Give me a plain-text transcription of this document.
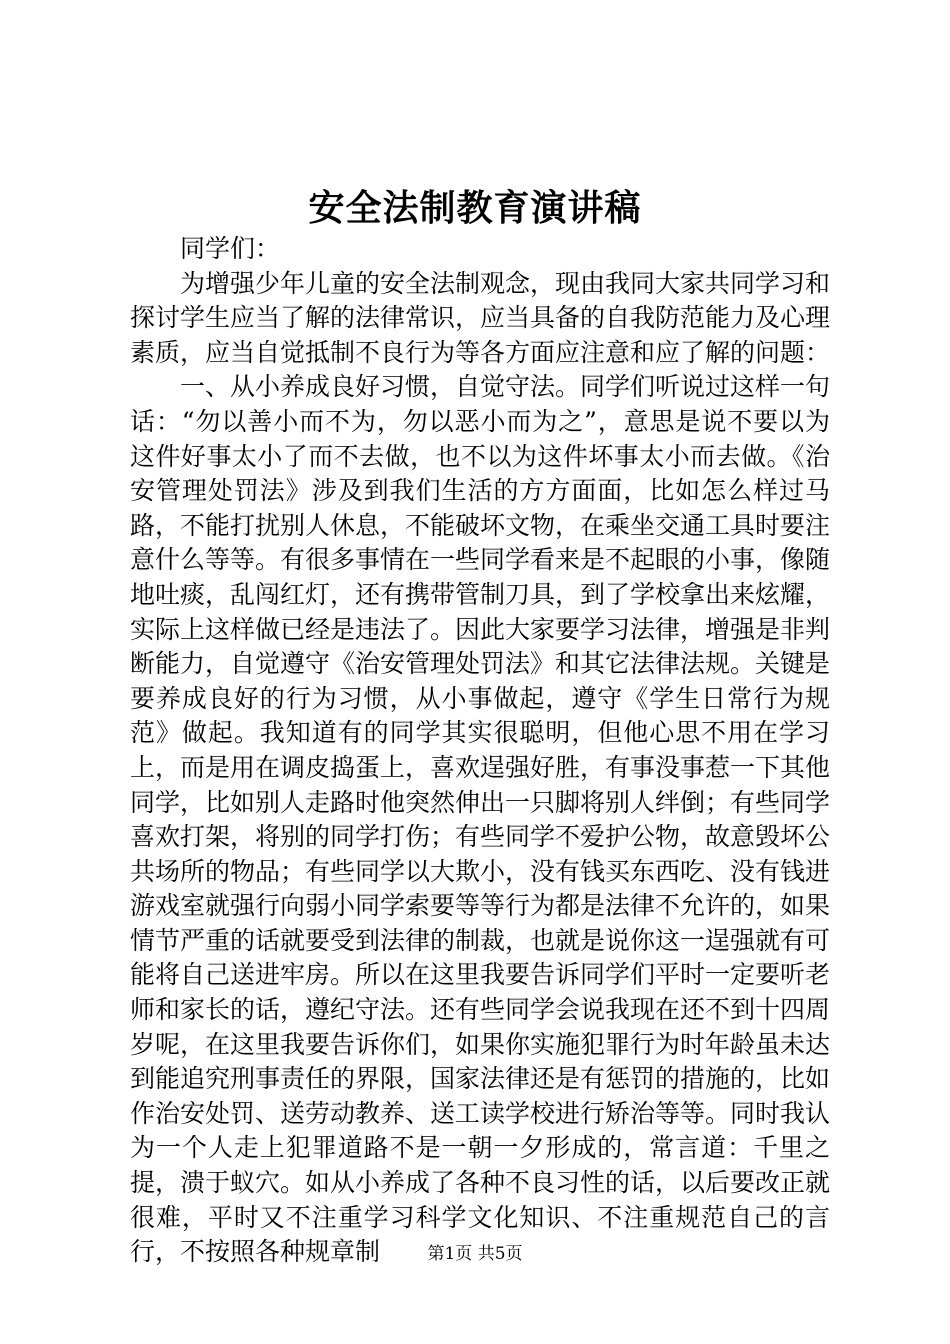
安全法制教育演讲稿

同学们：

为增强少年儿童的安全法制观念，现由我同大家共同学习和探讨学生应当了解的法律常识，应当具备的自我防范能力及心理素质，应当自觉抵制不良行为等各方面应注意和应了解的问题：

一、从小养成良好习惯，自觉守法。同学们听说过这样一句话：“勿以善小而不为，勿以恶小而为之”，意思是说不要以为这件好事太小了而不去做，也不以为这件坏事太小而去做。《治安管理处罚法》涉及到我们生活的方方面面，比如怎么样过马路，不能打扰别人休息，不能破坏文物，在乘坐交通工具时要注意什么等等。有很多事情在一些同学看来是不起眼的小事，像随地吐痰，乱闯红灯，还有携带管制刀具，到了学校拿出来炫耀，实际上这样做已经是违法了。因此大家要学习法律，增强是非判断能力，自觉遵守《治安管理处罚法》和其它法律法规。关键是要养成良好的行为习惯，从小事做起，遵守《学生日常行为规范》做起。我知道有的同学其实很聪明，但他心思不用在学习上，而是用在调皮捣蛋上，喜欢逞强好胜，有事没事惹一下其他同学，比如别人走路时他突然伸出一只脚将别人绊倒；有些同学喜欢打架，将别的同学打伤；有些同学不爱护公物，故意毁坏公共场所的物品；有些同学以大欺小，没有钱买东西吃、没有钱进游戏室就强行向弱小同学索要等等行为都是法律不允许的，如果情节严重的话就要受到法律的制裁，也就是说你这一逞强就有可能将自己送进牢房。所以在这里我要告诉同学们平时一定要听老师和家长的话，遵纪守法。还有些同学会说我现在还不到十四周岁呢，在这里我要告诉你们，如果你实施犯罪行为时年龄虽未达到能追究刑事责任的界限，国家法律还是有惩罚的措施的，比如作治安处罚、送劳动教养、送工读学校进行矫治等等。同时我认为一个人走上犯罪道路不是一朝一夕形成的，常言道：千里之提，溃于蚁穴。如从小养成了各种不良习性的话，以后要改正就很难，平时又不注重学习科学文化知识、不注重规范自己的言行，不按照各种规章制	第1页 共5页
